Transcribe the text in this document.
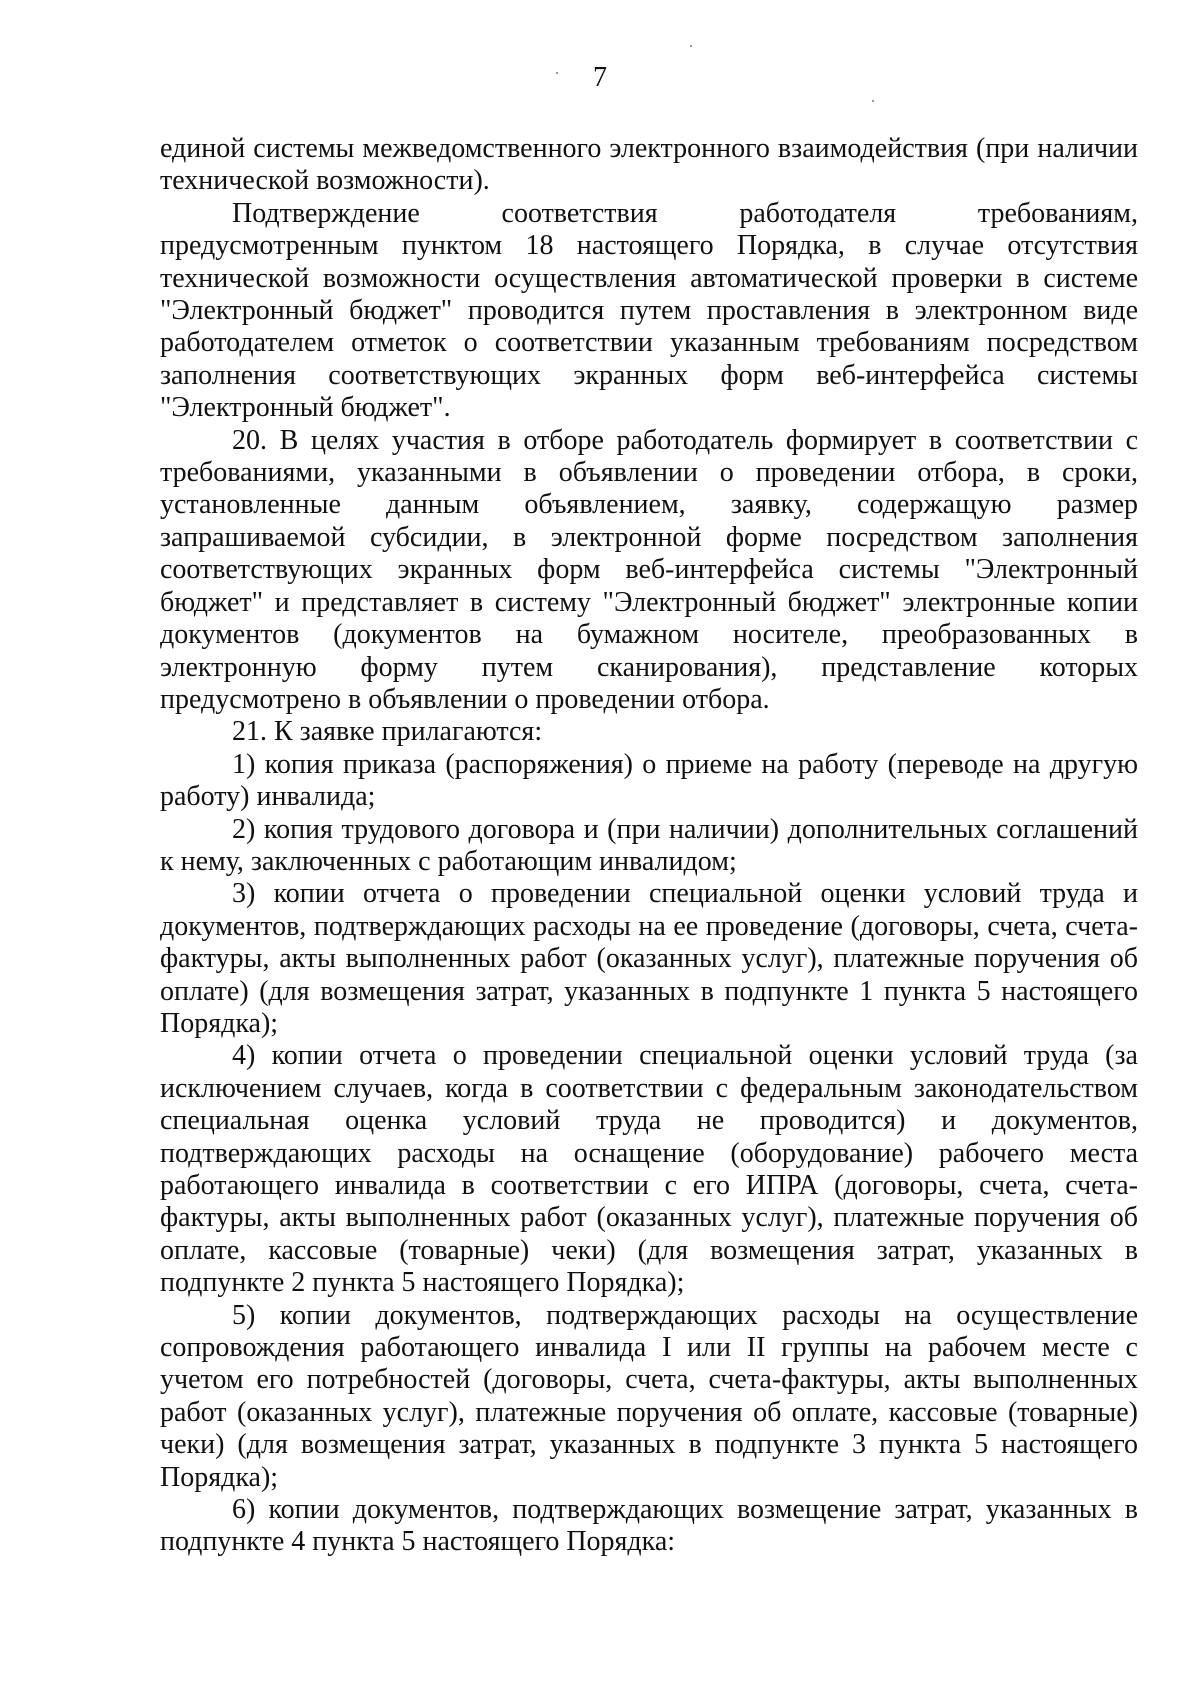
7

единой системы межведомственного электронного взаимодействия (при наличии технической возможности).

Подтверждение соответствия работодателя требованиям, предусмотренным пунктом 18 настоящего Порядка, в случае отсутствия технической возможности осуществления автоматической проверки в системе "Электронный бюджет" проводится путем проставления в электронном виде работодателем отметок о соответствии указанным требованиям посредством заполнения соответствующих экранных форм веб-интерфейса системы "Электронный бюджет".

20. В целях участия в отборе работодатель формирует в соответствии с требованиями, указанными в объявлении о проведении отбора, в сроки, установленные данным объявлением, заявку, содержащую размер запрашиваемой субсидии, в электронной форме посредством заполнения соответствующих экранных форм веб-интерфейса системы "Электронный бюджет" и представляет в систему "Электронный бюджет" электронные копии документов (документов на бумажном носителе, преобразованных в электронную форму путем сканирования), представление которых предусмотрено в объявлении о проведении отбора.

21. К заявке прилагаются:

1) копия приказа (распоряжения) о приеме на работу (переводе на другую работу) инвалида;

2) копия трудового договора и (при наличии) дополнительных соглашений к нему, заключенных с работающим инвалидом;

3) копии отчета о проведении специальной оценки условий труда и документов, подтверждающих расходы на ее проведение (договоры, счета, счета-фактуры, акты выполненных работ (оказанных услуг), платежные поручения об оплате) (для возмещения затрат, указанных в подпункте 1 пункта 5 настоящего Порядка);

4) копии отчета о проведении специальной оценки условий труда (за исключением случаев, когда в соответствии с федеральным законодательством специальная оценка условий труда не проводится) и документов, подтверждающих расходы на оснащение (оборудование) рабочего места работающего инвалида в соответствии с его ИПРА (договоры, счета, счета-фактуры, акты выполненных работ (оказанных услуг), платежные поручения об оплате, кассовые (товарные) чеки) (для возмещения затрат, указанных в подпункте 2 пункта 5 настоящего Порядка);

5) копии документов, подтверждающих расходы на осуществление сопровождения работающего инвалида I или II группы на рабочем месте с учетом его потребностей (договоры, счета, счета-фактуры, акты выполненных работ (оказанных услуг), платежные поручения об оплате, кассовые (товарные) чеки) (для возмещения затрат, указанных в подпункте 3 пункта 5 настоящего Порядка);

6) копии документов, подтверждающих возмещение затрат, указанных в подпункте 4 пункта 5 настоящего Порядка:
